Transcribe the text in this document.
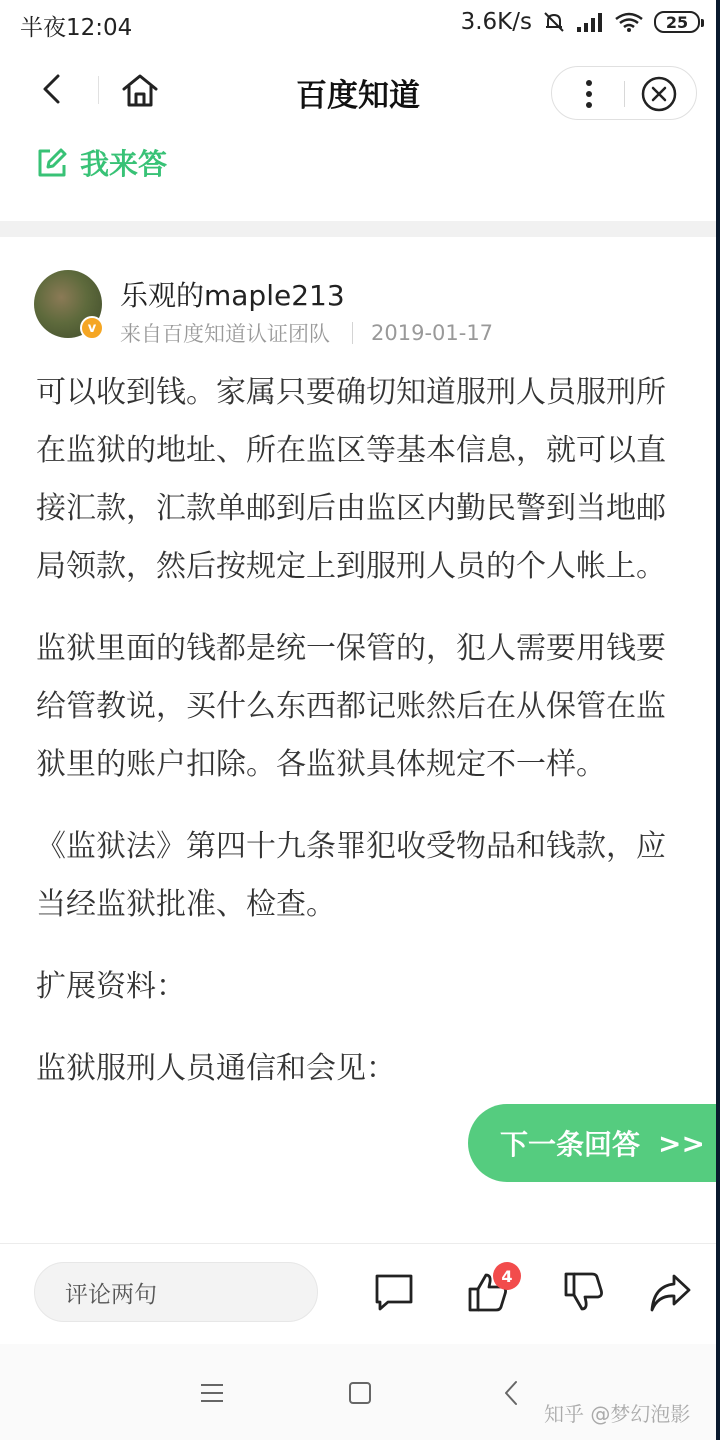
半夜12:04	3.6K/s	25
百度知道
我来答
v
乐观的maple213
来自百度知道认证团队 2019-01-17

可以收到钱。家属只要确切知道服刑人员服刑所在监狱的地址、所在监区等基本信息，就可以直接汇款，汇款单邮到后由监区内勤民警到当地邮局领款，然后按规定上到服刑人员的个人帐上。

监狱里面的钱都是统一保管的，犯人需要用钱要给管教说，买什么东西都记账然后在从保管在监狱里的账户扣除。各监狱具体规定不一样。

《监狱法》第四十九条罪犯收受物品和钱款，应当经监狱批准、检查。

扩展资料：

监狱服刑人员通信和会见：

下一条回答 >>
评论两句
4
知乎 @梦幻泡影
